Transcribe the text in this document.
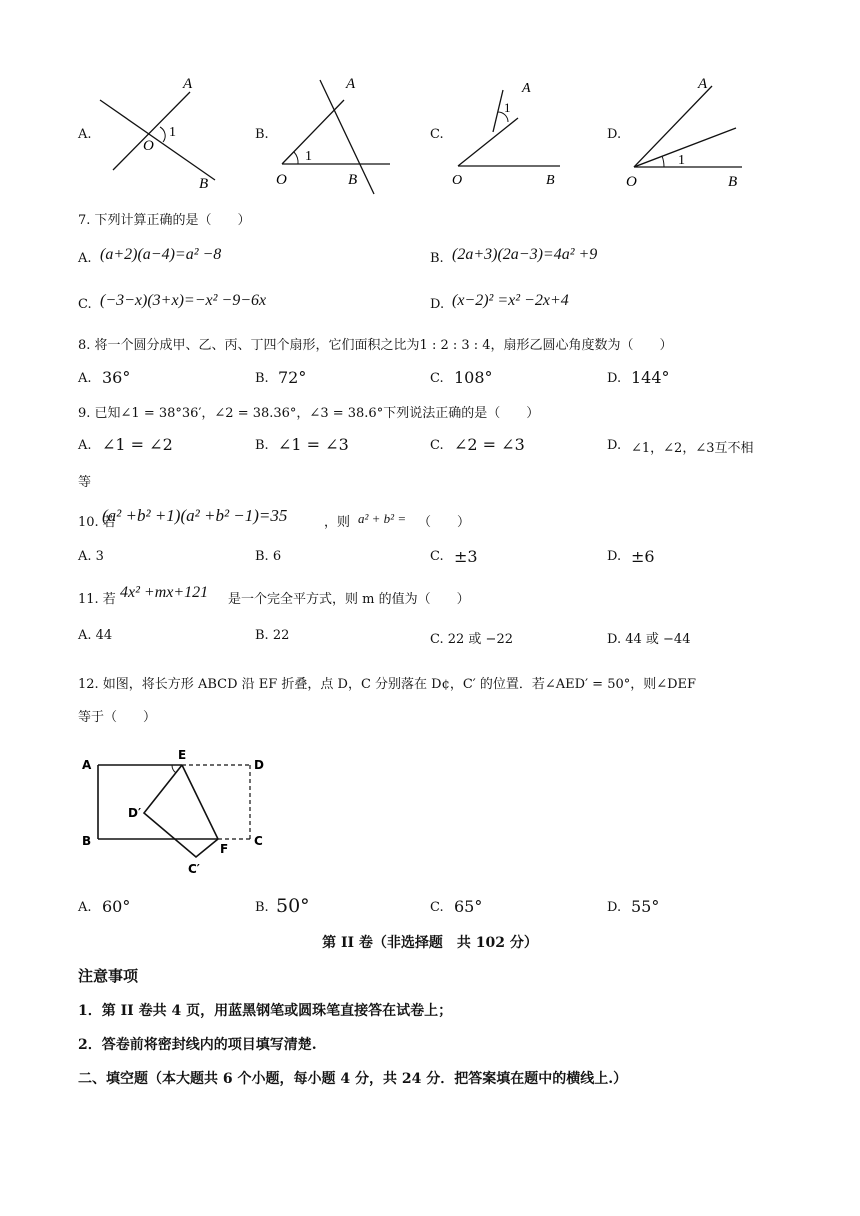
A.
A
O
B
1	B.
A
O	B
1
C.
A
O	B
1
D.
A
O	B
1
7. 下列计算正确的是（　　）
A. (a+2)(a−4)=a² −8	B. (2a+3)(2a−3)=4a² +9
C. (−3−x)(3+x)=−x² −9−6x	D. (x−2)² =x² −2x+4
8. 将一个圆分成甲、乙、丙、丁四个扇形，它们面积之比为1 : 2 : 3 : 4，扇形乙圆心角度数为（　　）
A. 36°	B. 72°	C. 108°	D. 144°
9. 已知∠1 = 38°36′，∠2 = 38.36°，∠3 = 38.6°下列说法正确的是（　　）
A. ∠1 = ∠2	B. ∠1 = ∠3	C. ∠2 = ∠3	D. ∠1，∠2，∠3互不相
等
10. 若
(a² +b² +1)(a² +b² −1)=35	，则 a² + b² = （　　）
A. 3	B. 6	C. ±3	D. ±6
11. 若 4x² +mx+121 是一个完全平方式，则 m 的值为（　　）
A. 44	B. 22	C. 22 或 −22	D. 44 或 −44
12. 如图，将长方形 ABCD 沿 EF 折叠，点 D，C 分别落在 D¢，C′ 的位置．若∠AED′ = 50°，则∠DEF
等于（　　）
A
E
D
D′
B
F
C
C′
A. 60°	B. 50°	C. 65°	D. 55°
第 II 卷（非选择题　共 102 分）
注意事项
1．第 II 卷共 4 页，用蓝黑钢笔或圆珠笔直接答在试卷上；
2．答卷前将密封线内的项目填写清楚.
二、填空题（本大题共 6 个小题，每小题 4 分，共 24 分．把答案填在题中的横线上.）
